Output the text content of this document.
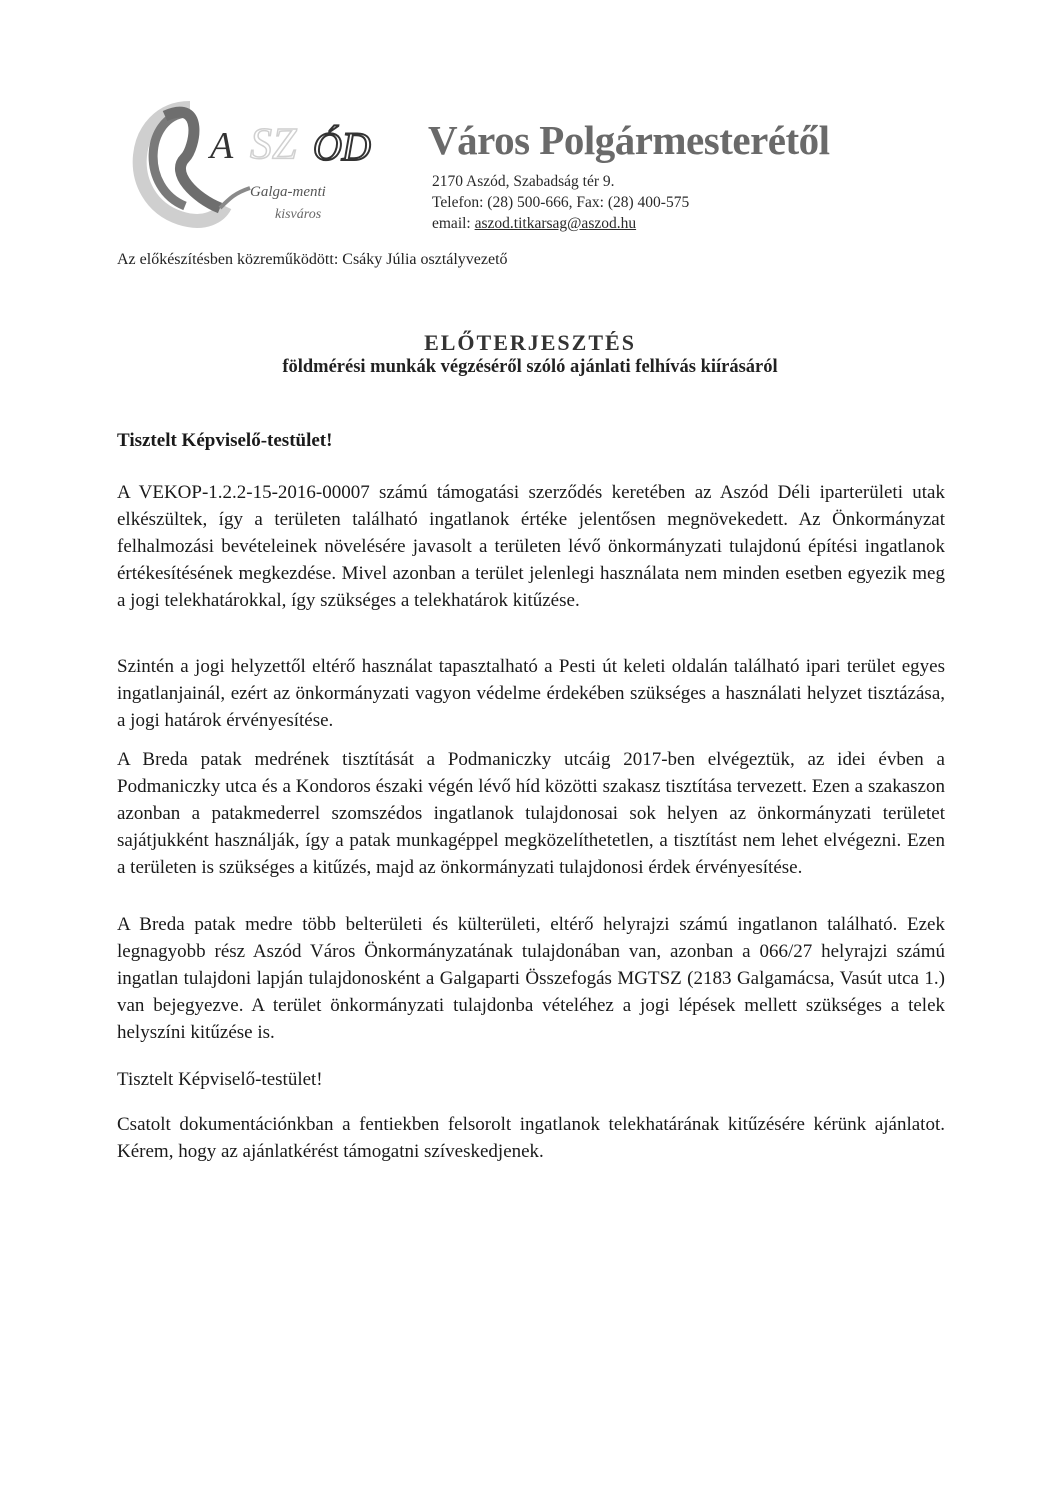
A SZ ÓD
Galga-menti
kisváros
Város Polgármesterétől
2170 Aszód, Szabadság tér 9.
Telefon: (28) 500-666, Fax: (28) 400-575
email: aszod.titkarsag@aszod.hu
Az előkészítésben közreműködött: Csáky Júlia osztályvezető
ELŐTERJESZTÉS
földmérési munkák végzéséről szóló ajánlati felhívás kiírásáról
Tisztelt Képviselő-testület!
A VEKOP-1.2.2-15-2016-00007 számú támogatási szerződés keretében az Aszód Déli iparterületi utak elkészültek, így a területen található ingatlanok értéke jelentősen megnövekedett. Az Önkormányzat felhalmozási bevételeinek növelésére javasolt a területen lévő önkormányzati tulajdonú építési ingatlanok értékesítésének megkezdése. Mivel azonban a terület jelenlegi használata nem minden esetben egyezik meg a jogi telekhatárokkal, így szükséges a telekhatárok kitűzése.
Szintén a jogi helyzettől eltérő használat tapasztalható a Pesti út keleti oldalán található ipari terület egyes ingatlanjainál, ezért az önkormányzati vagyon védelme érdekében szükséges a használati helyzet tisztázása, a jogi határok érvényesítése.
A Breda patak medrének tisztítását a Podmaniczky utcáig 2017-ben elvégeztük, az idei évben a Podmaniczky utca és a Kondoros északi végén lévő híd közötti szakasz tisztítása tervezett. Ezen a szakaszon azonban a patakmederrel szomszédos ingatlanok tulajdonosai sok helyen az önkormányzati területet sajátjukként használják, így a patak munkagéppel megközelíthetetlen, a tisztítást nem lehet elvégezni. Ezen a területen is szükséges a kitűzés, majd az önkormányzati tulajdonosi érdek érvényesítése.
A Breda patak medre több belterületi és külterületi, eltérő helyrajzi számú ingatlanon található. Ezek legnagyobb rész Aszód Város Önkormányzatának tulajdonában van, azonban a 066/27 helyrajzi számú ingatlan tulajdoni lapján tulajdonosként a Galgaparti Összefogás MGTSZ (2183 Galgamácsa, Vasút utca 1.) van bejegyezve. A terület önkormányzati tulajdonba vételéhez a jogi lépések mellett szükséges a telek helyszíni kitűzése is.
Tisztelt Képviselő-testület!
Csatolt dokumentációnkban a fentiekben felsorolt ingatlanok telekhatárának kitűzésére kérünk ajánlatot. Kérem, hogy az ajánlatkérést támogatni szíveskedjenek.
